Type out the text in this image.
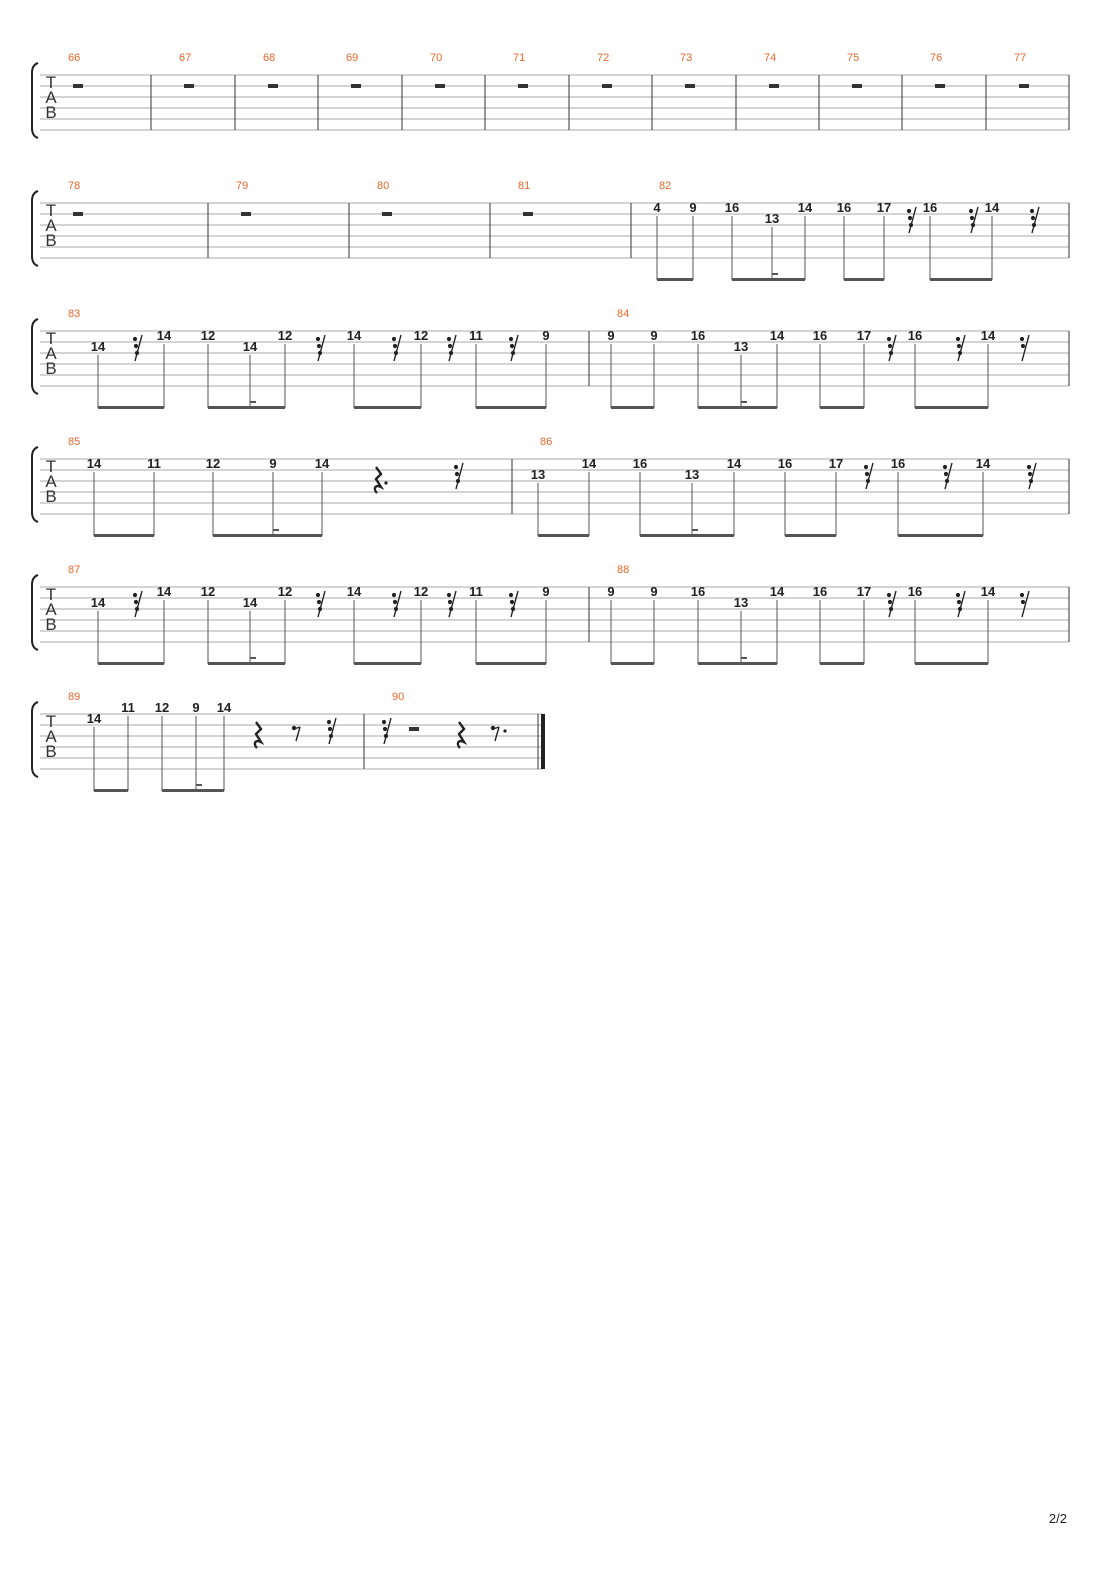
T
A
B
66	67	68	69	70	71	72	73	74	75	76	77
T
A
B
78	79	80	81	82
4 9 16
13
14 16 17 16	14
T
A
B
83
14
14 12
14
12	14	12	11	9
84
9	9	16
13
14 16 17	16	14
T
A
B
85
14	11	12	9	14
86
13
14	16
13
14	16	17	16	14
T
A
B
87
14
14 12
14
12	14	12	11	9
88
9	9	16
13
14 16 17	16	14
T
A
B
89
14
11 12 9 14
90
2/2
